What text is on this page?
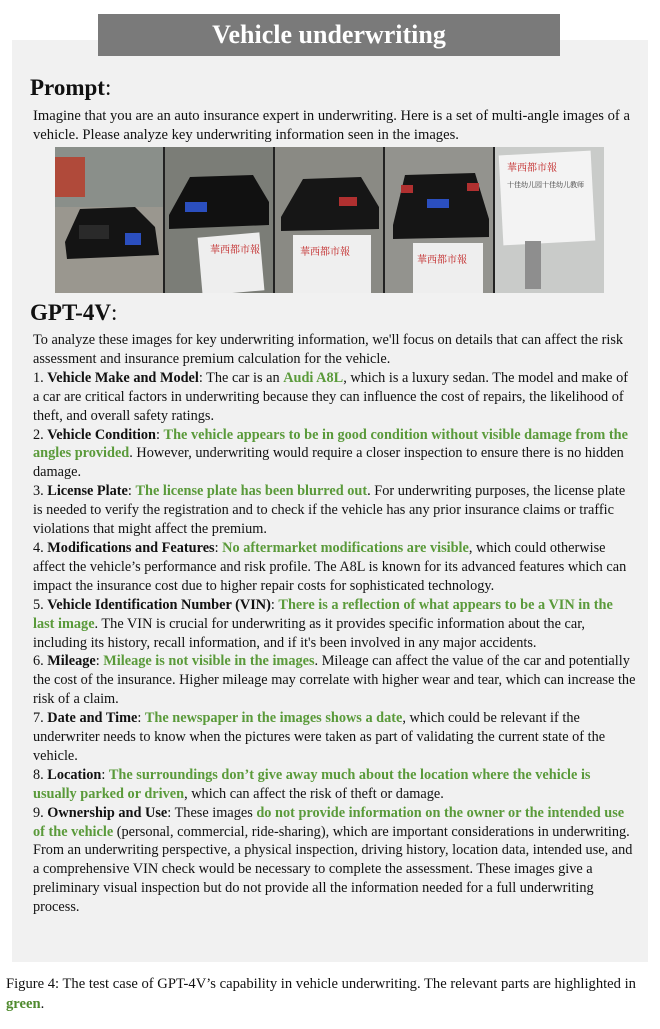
Vehicle underwriting
Prompt:
Imagine that you are an auto insurance expert in underwriting. Here is a set of multi-angle images of a vehicle. Please analyze key underwriting information seen in the images.
華西都市報	華西都市報
華西都市報
華西都市報
十佳幼儿园十佳幼儿教师
GPT-4V:

To analyze these images for key underwriting information, we'll focus on details that can affect the risk assessment and insurance premium calculation for the vehicle.

1. Vehicle Make and Model: The car is an Audi A8L, which is a luxury sedan. The model and make of a car are critical factors in underwriting because they can influence the cost of repairs, the likelihood of theft, and overall safety ratings.

2. Vehicle Condition: The vehicle appears to be in good condition without visible damage from the angles provided. However, underwriting would require a closer inspection to ensure there is no hidden damage.

3. License Plate: The license plate has been blurred out. For underwriting purposes, the license plate is needed to verify the registration and to check if the vehicle has any prior insurance claims or traffic violations that might affect the premium.

4. Modifications and Features: No aftermarket modifications are visible, which could otherwise affect the vehicle’s performance and risk profile. The A8L is known for its advanced features which can impact the insurance cost due to higher repair costs for sophisticated technology.

5. Vehicle Identification Number (VIN): There is a reflection of what appears to be a VIN in the last image. The VIN is crucial for underwriting as it provides specific information about the car, including its history, recall information, and if it's been involved in any major accidents.

6. Mileage: Mileage is not visible in the images. Mileage can affect the value of the car and potentially the cost of the insurance. Higher mileage may correlate with higher wear and tear, which can increase the risk of a claim.

7. Date and Time: The newspaper in the images shows a date, which could be relevant if the underwriter needs to know when the pictures were taken as part of validating the current state of the vehicle.

8. Location: The surroundings don’t give away much about the location where the vehicle is usually parked or driven, which can affect the risk of theft or damage.

9. Ownership and Use: These images do not provide information on the owner or the intended use of the vehicle (personal, commercial, ride-sharing), which are important considerations in underwriting.

From an underwriting perspective, a physical inspection, driving history, location data, intended use, and a comprehensive VIN check would be necessary to complete the assessment. These images give a preliminary visual inspection but do not provide all the information needed for a full underwriting process.

Figure 4: The test case of GPT-4V’s capability in vehicle underwriting. The relevant parts are highlighted in green.
